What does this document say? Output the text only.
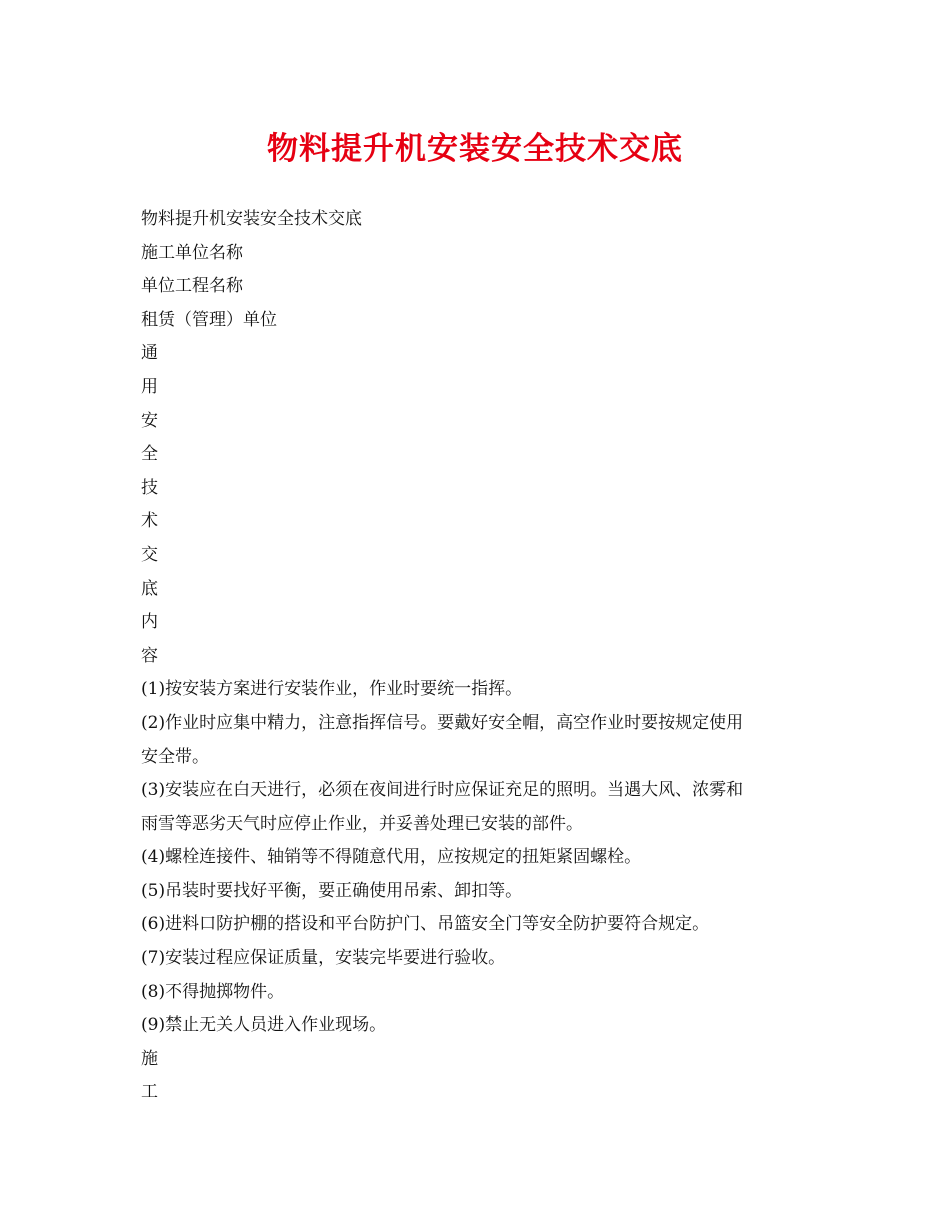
物料提升机安装安全技术交底
物料提升机安装安全技术交底
施工单位名称
单位工程名称
租赁（管理）单位
通
用
安
全
技
术
交
底
内
容
(1)按安装方案进行安装作业，作业时要统一指挥。
(2)作业时应集中精力，注意指挥信号。要戴好安全帽，高空作业时要按规定使用
安全带。
(3)安装应在白天进行，必须在夜间进行时应保证充足的照明。当遇大风、浓雾和
雨雪等恶劣天气时应停止作业，并妥善处理已安装的部件。
(4)螺栓连接件、轴销等不得随意代用，应按规定的扭矩紧固螺栓。
(5)吊装时要找好平衡，要正确使用吊索、卸扣等。
(6)进料口防护棚的搭设和平台防护门、吊篮安全门等安全防护要符合规定。
(7)安装过程应保证质量，安装完毕要进行验收。
(8)不得抛掷物件。
(9)禁止无关人员进入作业现场。
施
工
